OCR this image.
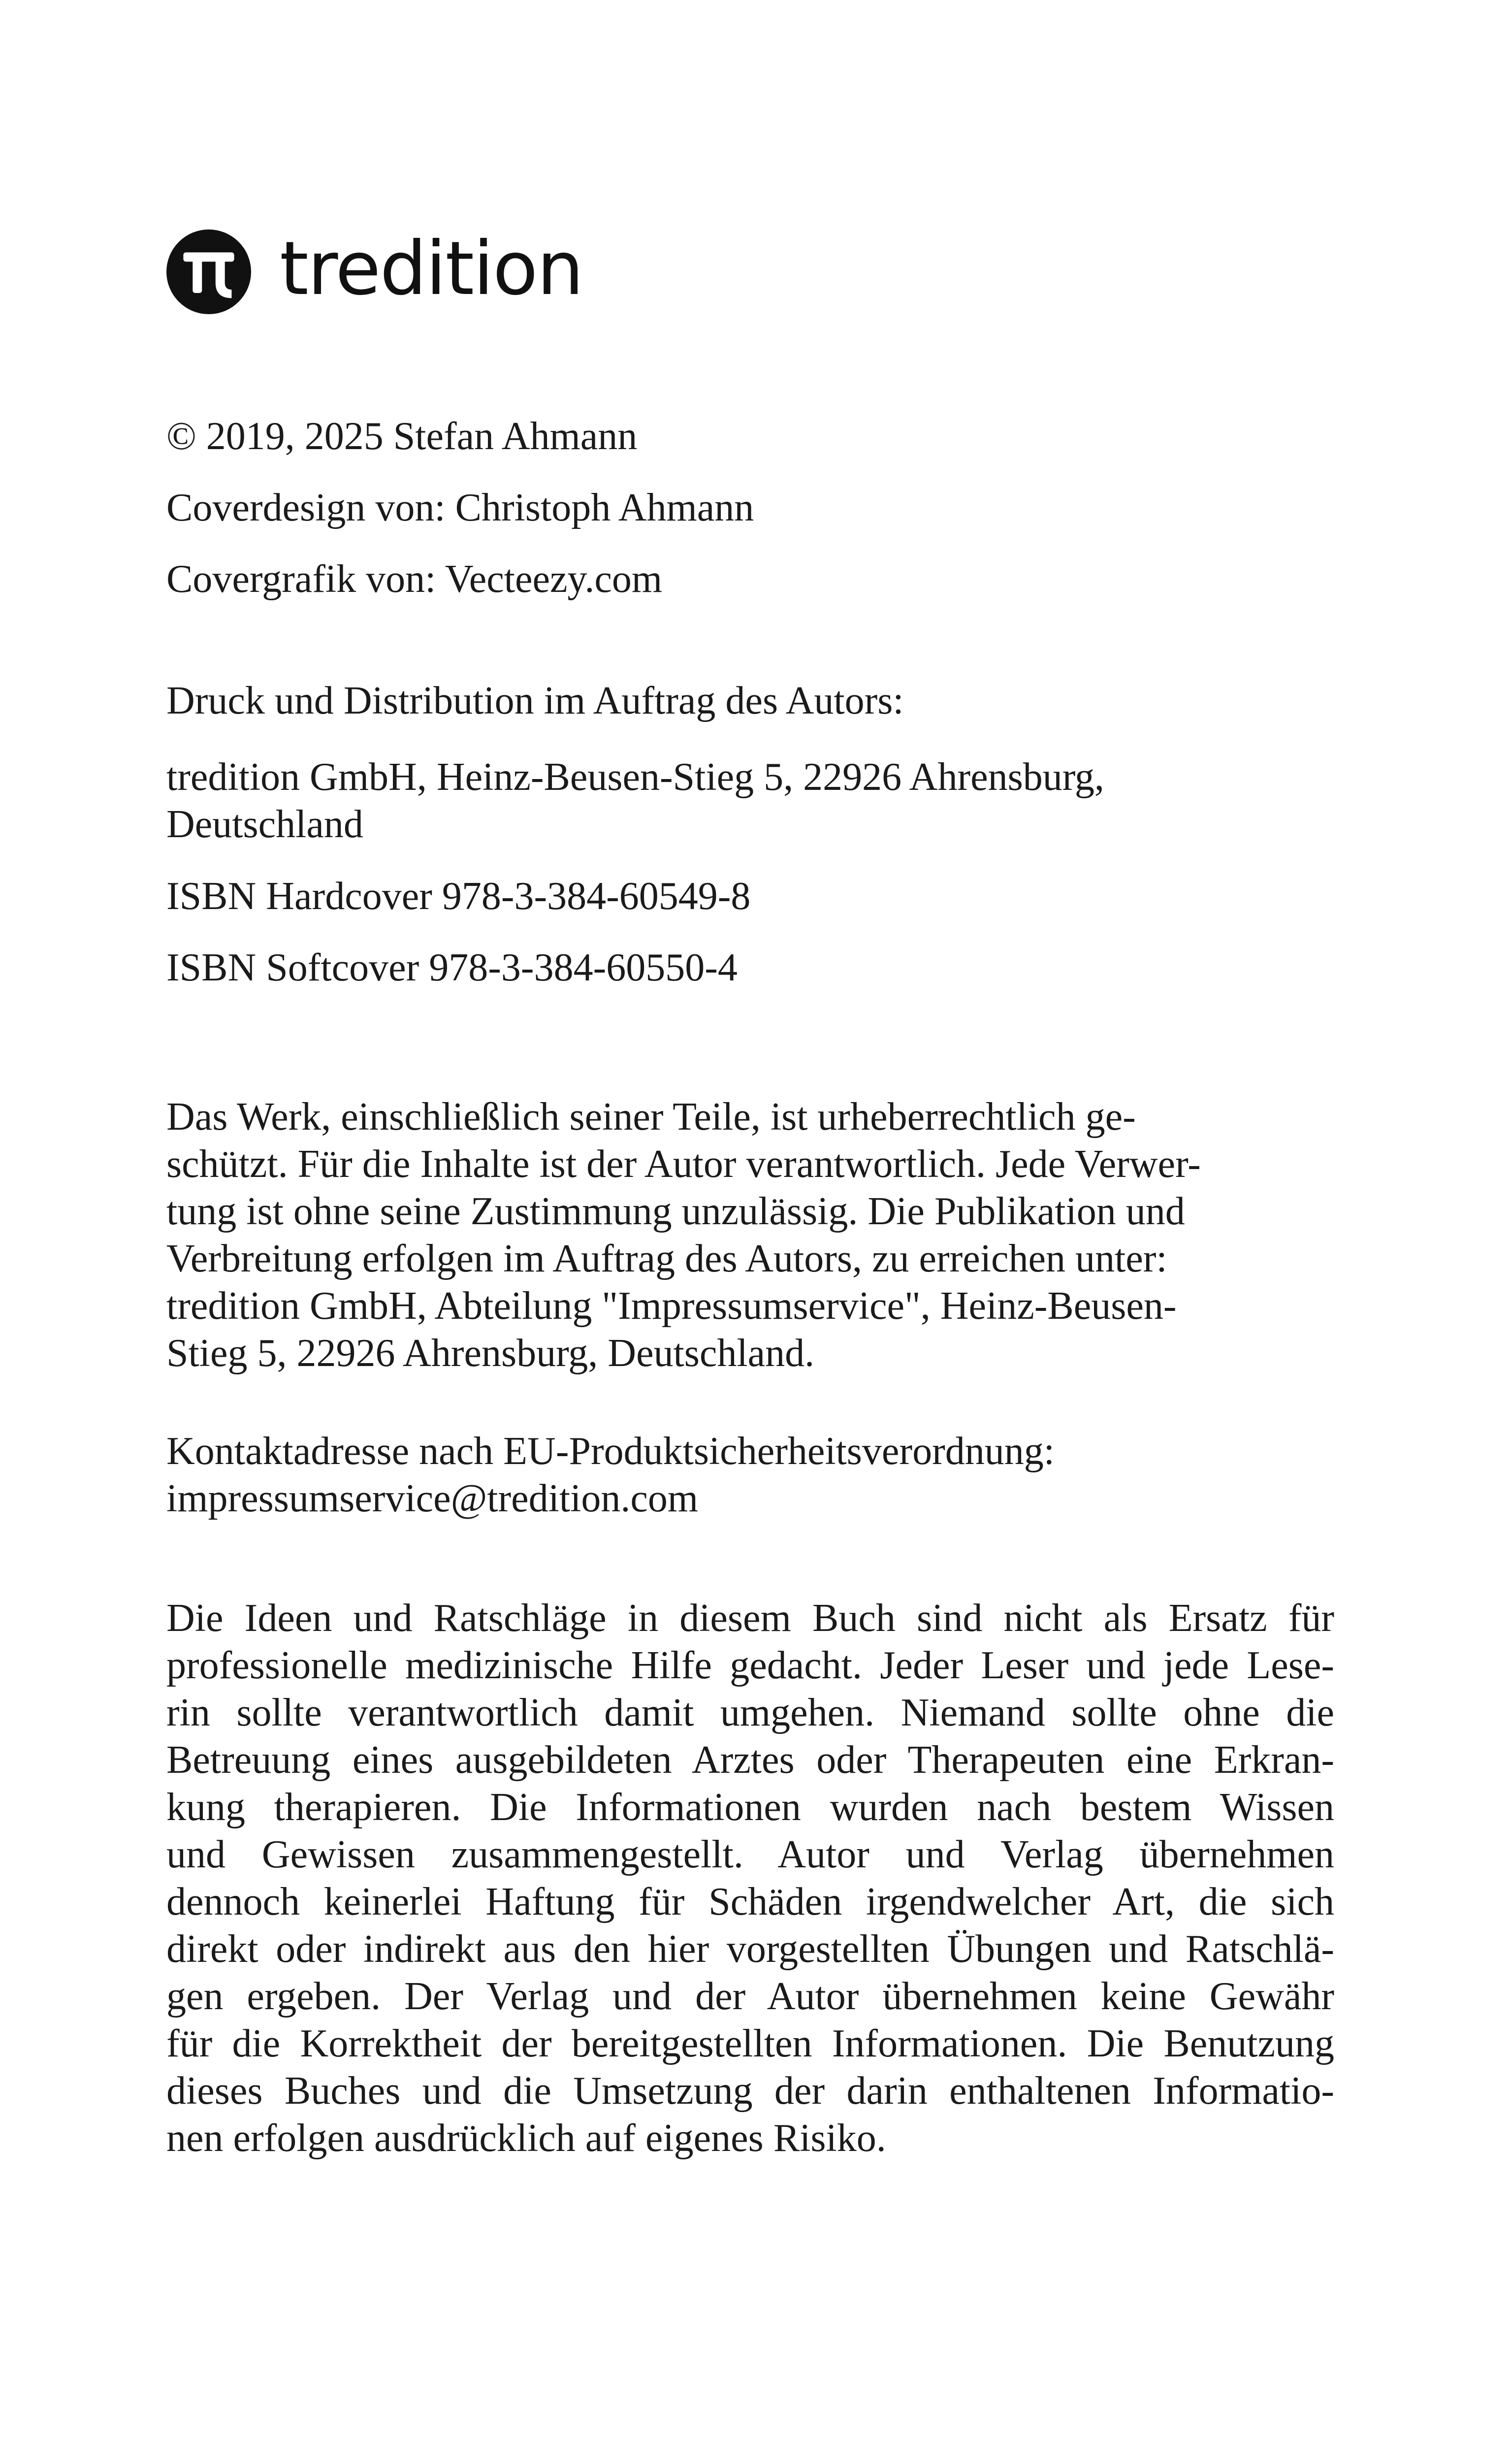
tredition
© 2019, 2025 Stefan Ahmann
Coverdesign von: Christoph Ahmann
Covergrafik von: Vecteezy.com
Druck und Distribution im Auftrag des Autors:
tredition GmbH, Heinz-Beusen-Stieg 5, 22926 Ahrensburg,
Deutschland
ISBN Hardcover 978-3-384-60549-8
ISBN Softcover 978-3-384-60550-4
Das Werk, einschließlich seiner Teile, ist urheberrechtlich ge-
schützt. Für die Inhalte ist der Autor verantwortlich. Jede Verwer-
tung ist ohne seine Zustimmung unzulässig. Die Publikation und
Verbreitung erfolgen im Auftrag des Autors, zu erreichen unter:
tredition GmbH, Abteilung "Impressumservice", Heinz-Beusen-
Stieg 5, 22926 Ahrensburg, Deutschland.
Kontaktadresse nach EU-Produktsicherheitsverordnung:
impressumservice@tredition.com
Die Ideen und Ratschläge in diesem Buch sind nicht als Ersatz für
professionelle medizinische Hilfe gedacht. Jeder Leser und jede Lese-
rin sollte verantwortlich damit umgehen. Niemand sollte ohne die
Betreuung eines ausgebildeten Arztes oder Therapeuten eine Erkran-
kung therapieren. Die Informationen wurden nach bestem Wissen
und Gewissen zusammengestellt. Autor und Verlag übernehmen
dennoch keinerlei Haftung für Schäden irgendwelcher Art, die sich
direkt oder indirekt aus den hier vorgestellten Übungen und Ratschlä-
gen ergeben. Der Verlag und der Autor übernehmen keine Gewähr
für die Korrektheit der bereitgestellten Informationen. Die Benutzung
dieses Buches und die Umsetzung der darin enthaltenen Informatio-
nen erfolgen ausdrücklich auf eigenes Risiko.
